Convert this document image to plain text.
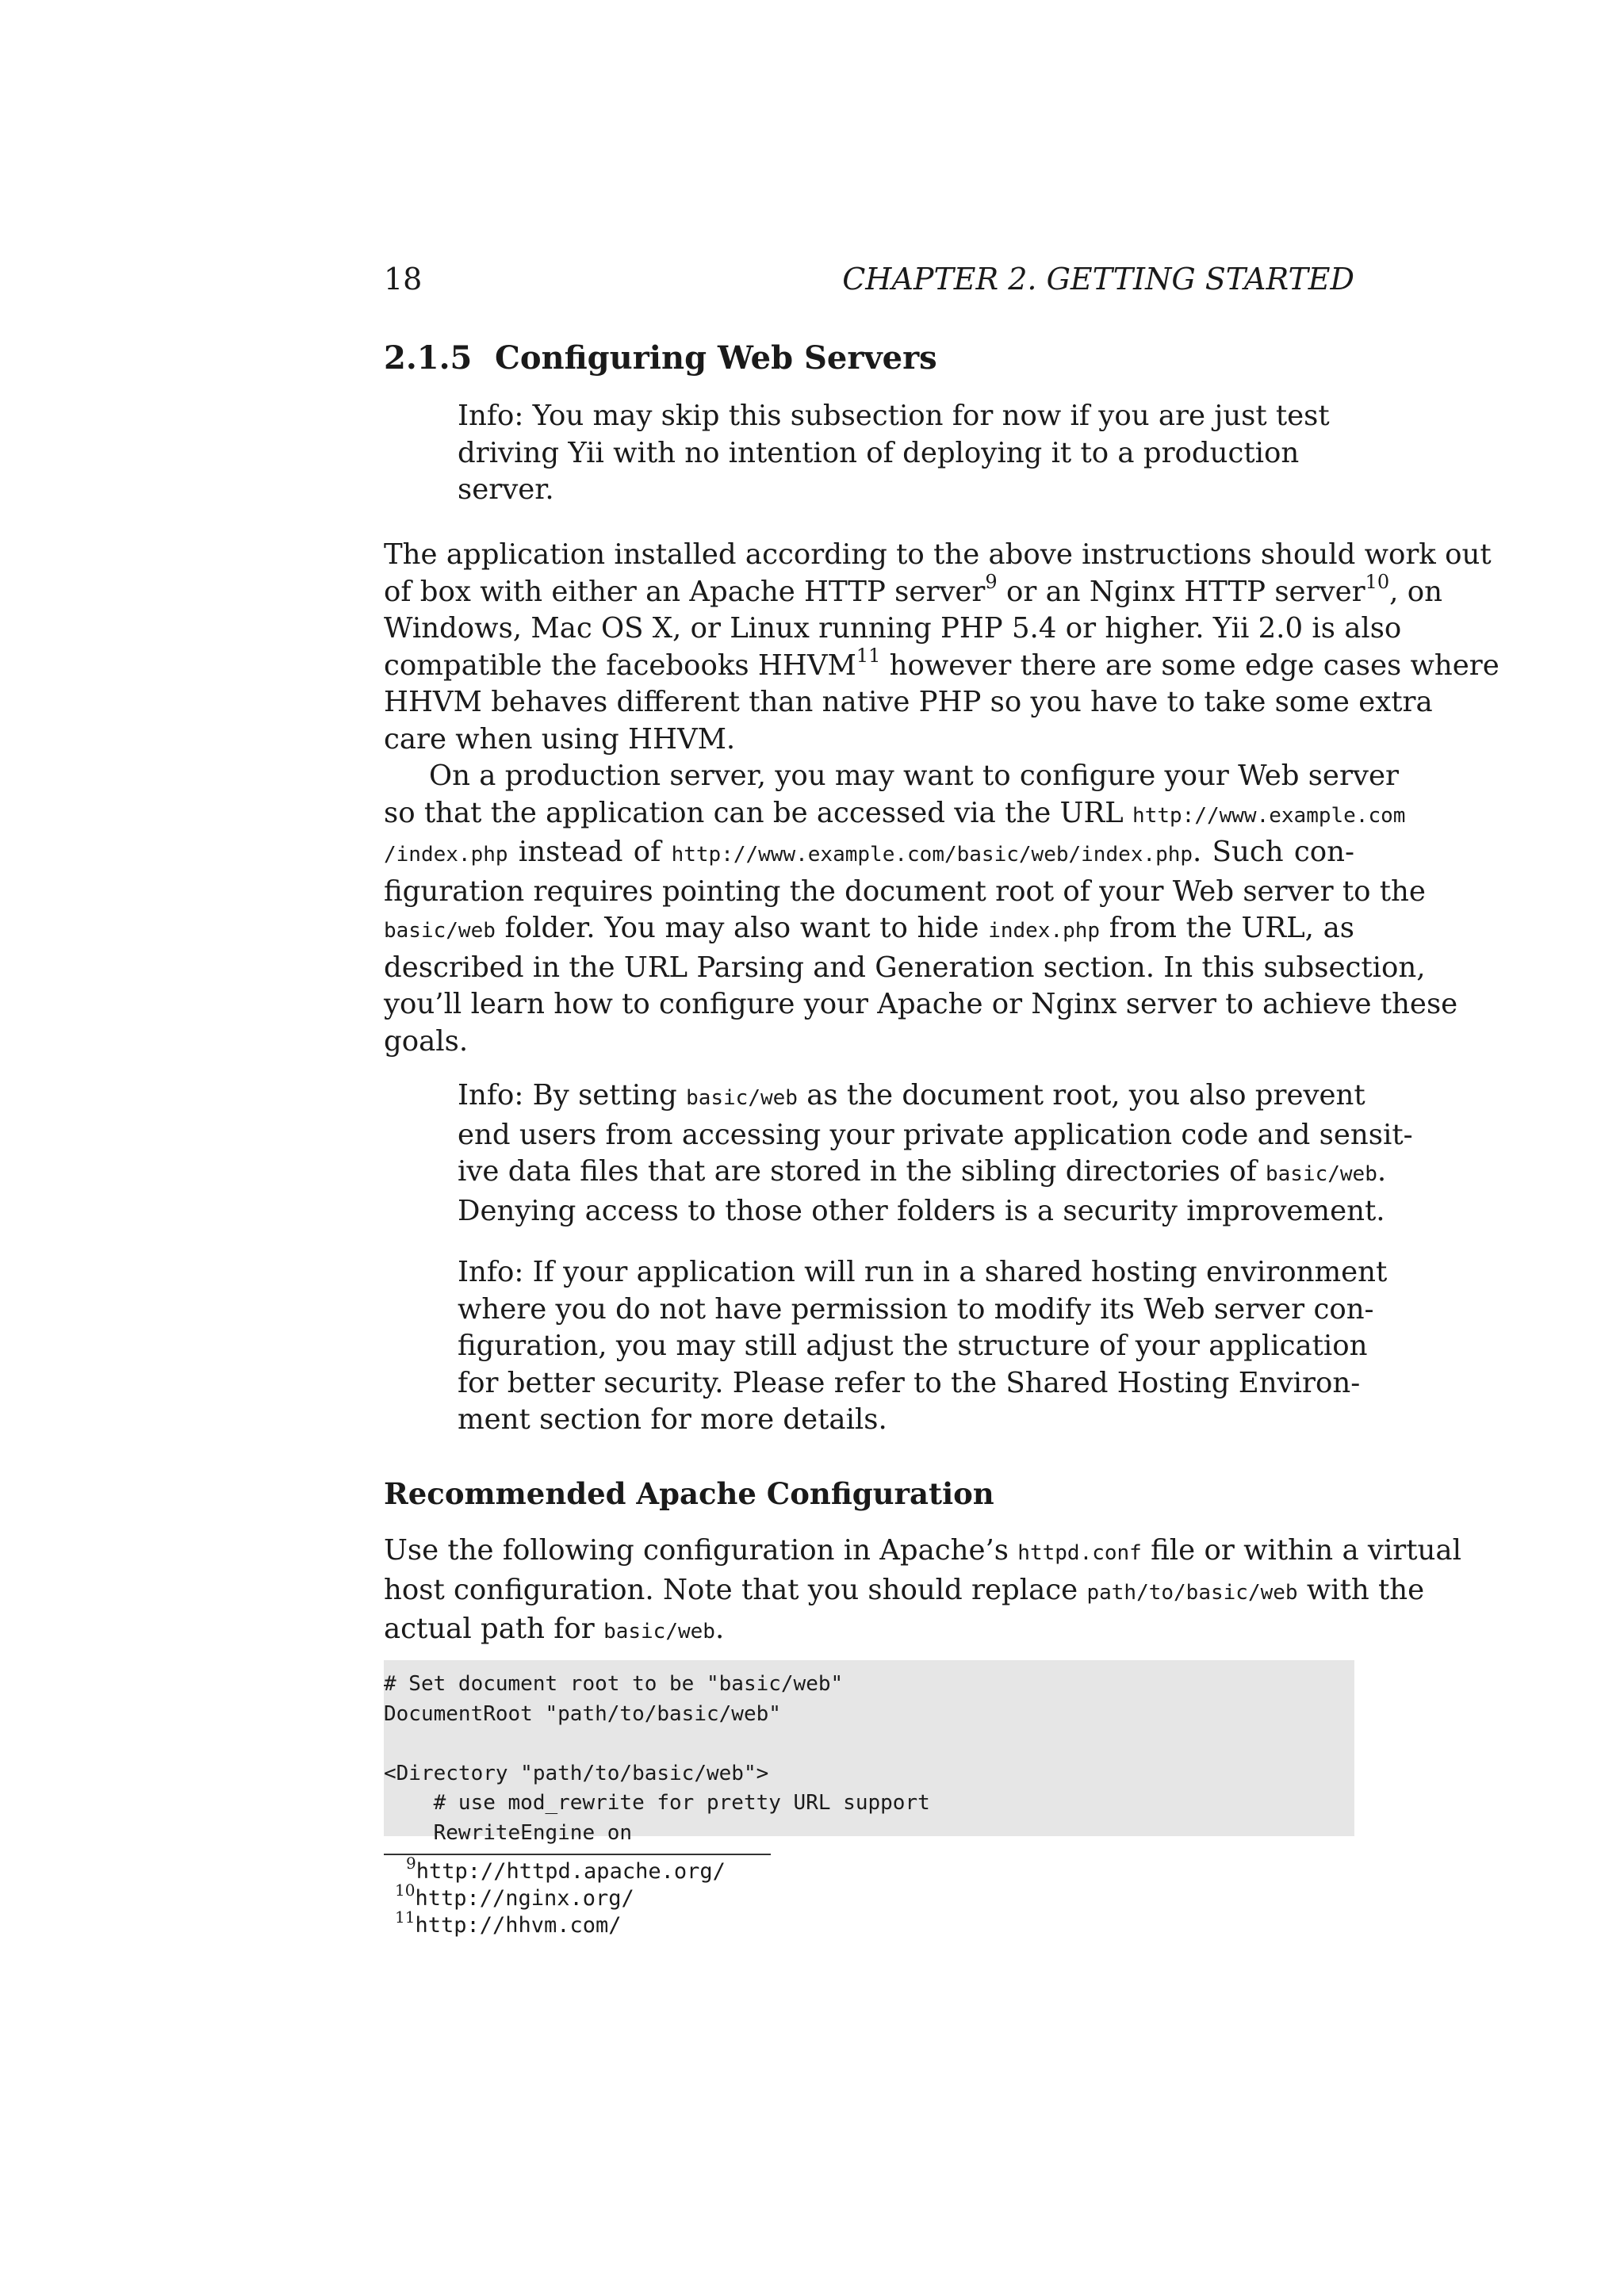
18	CHAPTER 2. GETTING STARTED
2.1.5 Configuring Web Servers
Info: You may skip this subsection for now if you are just test
driving Yii with no intention of deploying it to a production
server.
The application installed according to the above instructions should work out
of box with either an Apache HTTP server$^9$ or an Nginx HTTP server$^{10}$, on
Windows, Mac OS X, or Linux running PHP 5.4 or higher. Yii 2.0 is also
compatible the facebooks HHVM$^{11}$ however there are some edge cases where
HHVM behaves different than native PHP so you have to take some extra
care when using HHVM.
On a production server, you may want to configure your Web server
so that the application can be accessed via the URL http://www.example.com
/index.php instead of http://www.example.com/basic/web/index.php. Such con-
figuration requires pointing the document root of your Web server to the
basic/web folder. You may also want to hide index.php from the URL, as
described in the URL Parsing and Generation section. In this subsection,
you’ll learn how to configure your Apache or Nginx server to achieve these
goals.
Info: By setting basic/web as the document root, you also prevent
end users from accessing your private application code and sensit-
ive data files that are stored in the sibling directories of basic/web.
Denying access to those other folders is a security improvement.
Info: If your application will run in a shared hosting environment
where you do not have permission to modify its Web server con-
figuration, you may still adjust the structure of your application
for better security. Please refer to the Shared Hosting Environ-
ment section for more details.
Recommended Apache Configuration
Use the following configuration in Apache’s httpd.conf file or within a virtual
host configuration. Note that you should replace path/to/basic/web with the
actual path for basic/web.
# Set document root to be "basic/web"
DocumentRoot "path/to/basic/web"

<Directory "path/to/basic/web">
# use mod_rewrite for pretty URL support
RewriteEngine on
$^9$http://httpd.apache.org/
$^{10}$http://nginx.org/
$^{11}$http://hhvm.com/
